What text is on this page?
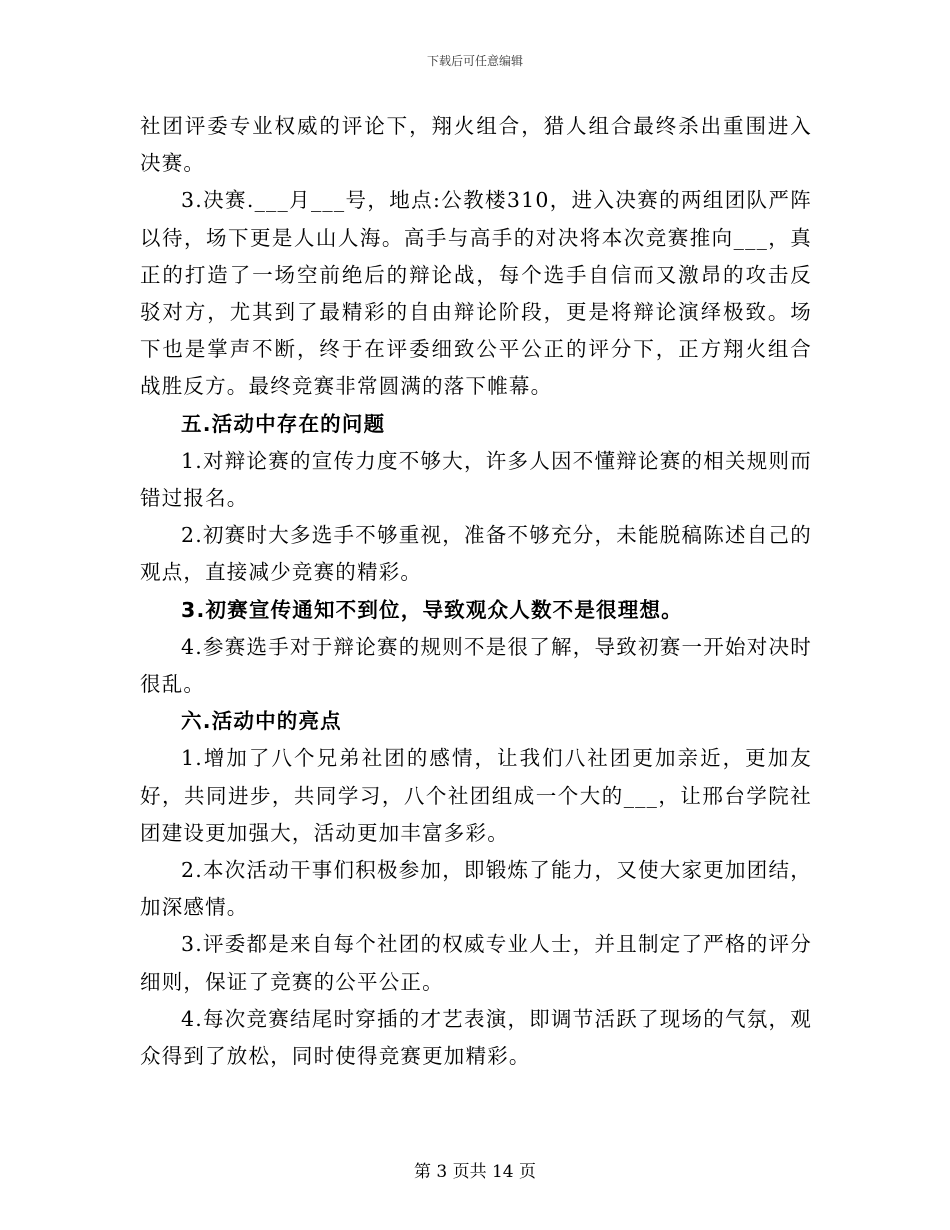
下载后可任意编辑

社团评委专业权威的评论下，翔火组合，猎人组合最终杀出重围进入决赛。

3.决赛.___月___号，地点:公教楼310，进入决赛的两组团队严阵以待，场下更是人山人海。高手与高手的对决将本次竞赛推向___，真正的打造了一场空前绝后的辩论战，每个选手自信而又激昂的攻击反驳对方，尤其到了最精彩的自由辩论阶段，更是将辩论演绎极致。场下也是掌声不断，终于在评委细致公平公正的评分下，正方翔火组合战胜反方。最终竞赛非常圆满的落下帷幕。

五.活动中存在的问题

1.对辩论赛的宣传力度不够大，许多人因不懂辩论赛的相关规则而错过报名。

2.初赛时大多选手不够重视，准备不够充分，未能脱稿陈述自己的观点，直接减少竞赛的精彩。

3.初赛宣传通知不到位，导致观众人数不是很理想。

4.参赛选手对于辩论赛的规则不是很了解，导致初赛一开始对决时很乱。

六.活动中的亮点

1.增加了八个兄弟社团的感情，让我们八社团更加亲近，更加友好，共同进步，共同学习，八个社团组成一个大的___，让邢台学院社团建设更加强大，活动更加丰富多彩。

2.本次活动干事们积极参加，即锻炼了能力，又使大家更加团结，加深感情。

3.评委都是来自每个社团的权威专业人士，并且制定了严格的评分细则，保证了竞赛的公平公正。

4.每次竞赛结尾时穿插的才艺表演，即调节活跃了现场的气氛，观众得到了放松，同时使得竞赛更加精彩。

第 3 页共 14 页
